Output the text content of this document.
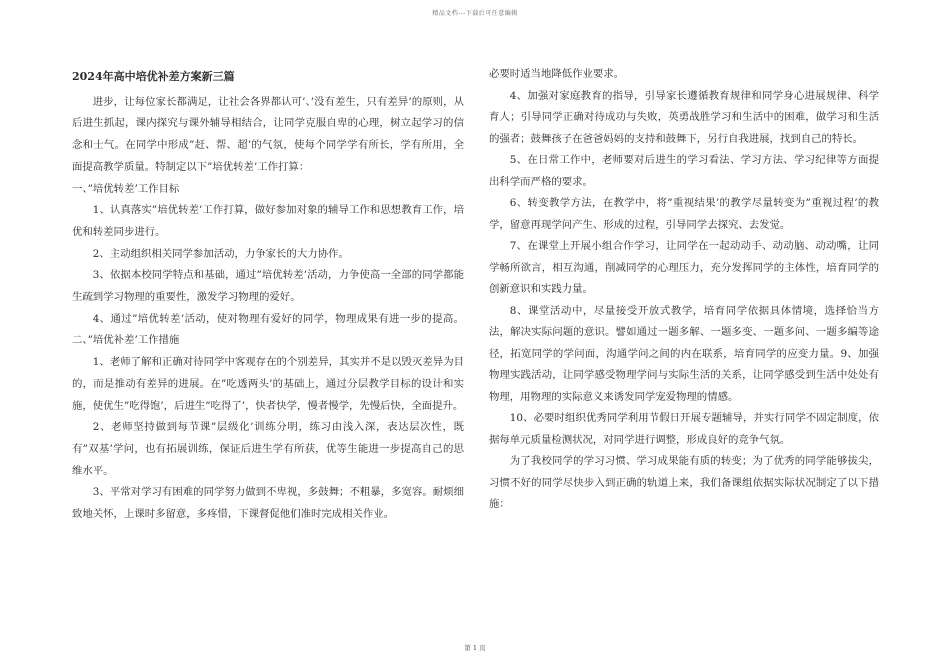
精品文档---下载后可任意编辑

2024年高中培优补差方案新三篇

进步，让每位家长都满足，让社会各界都认可’、’没有差生，只有差异’的原则，从后进生抓起，课内探究与课外辅导相结合，让同学克服自卑的心理，树立起学习的信念和士气。在同学中形成”赶、帮、超’的气氛，使每个同学学有所长，学有所用，全面提高教学质量。特制定以下”培优转差’工作打算：

一、”培优转差’工作目标

1、认真落实”培优转差’工作打算，做好参加对象的辅导工作和思想教育工作，培优和转差同步进行。

2、主动组织相关同学参加活动，力争家长的大力协作。

3、依据本校同学特点和基础，通过”培优转差’活动，力争使高一全部的同学都能生疏到学习物理的重要性，激发学习物理的爱好。

4、通过”培优转差’活动，使对物理有爱好的同学，物理成果有进一步的提高。二、”培优补差’工作措施

1、老师了解和正确对待同学中客观存在的个别差异，其实并不是以毁灭差异为目的，而是推动有差异的进展。在”吃透两头’的基础上，通过分层教学目标的设计和实施，使优生”吃得饱’，后进生”吃得了’，快者快学，慢者慢学，先慢后快，全面提升。

2、老师坚持做到每节课”层级化’训练分明，练习由浅入深，表达层次性，既有”双基’学问，也有拓展训练，保证后进生学有所获，优等生能进一步提高自己的思维水平。

3、平常对学习有困难的同学努力做到不卑视，多鼓舞；不粗暴，多宽容。耐烦细致地关怀，上课时多留意，多疼惜，下课督促他们准时完成相关作业。

必要时适当地降低作业要求。

4、加强对家庭教育的指导，引导家长遵循教育规律和同学身心进展规律、科学育人；引导同学正确对待成功与失败，英勇战胜学习和生活中的困难，做学习和生活的强者；鼓舞孩子在爸爸妈妈的支持和鼓舞下，另行自我进展，找到自己的特长。

5、在日常工作中，老师要对后进生的学习看法、学习方法、学习纪律等方面提出科学而严格的要求。

6、转变教学方法，在教学中，将”重视结果’的教学尽量转变为”重视过程’的教学，留意再现学问产生、形成的过程，引导同学去探究、去发觉。

7、在课堂上开展小组合作学习，让同学在一起动动手、动动脑、动动嘴，让同学畅所欲言，相互沟通，削减同学的心理压力，充分发挥同学的主体性，培育同学的创新意识和实践力量。

8、课堂活动中，尽量接受开放式教学，培育同学依据具体情境，选择恰当方法，解决实际问题的意识。譬如通过一题多解、一题多变、一题多问、一题多编等途径，拓宽同学的学问面，沟通学问之间的内在联系，培育同学的应变力量。9、加强物理实践活动，让同学感受物理学问与实际生活的关系，让同学感受到生活中处处有物理，用物理的实际意义来诱发同学宠爱物理的情感。

10、必要时组织优秀同学利用节假日开展专题辅导，并实行同学不固定制度，依据每单元质量检测状况，对同学进行调整，形成良好的竞争气氛。

为了我校同学的学习习惯、学习成果能有质的转变；为了优秀的同学能够拔尖，习惯不好的同学尽快步入到正确的轨道上来，我们备课组依据实际状况制定了以下措施：

第 1 页
